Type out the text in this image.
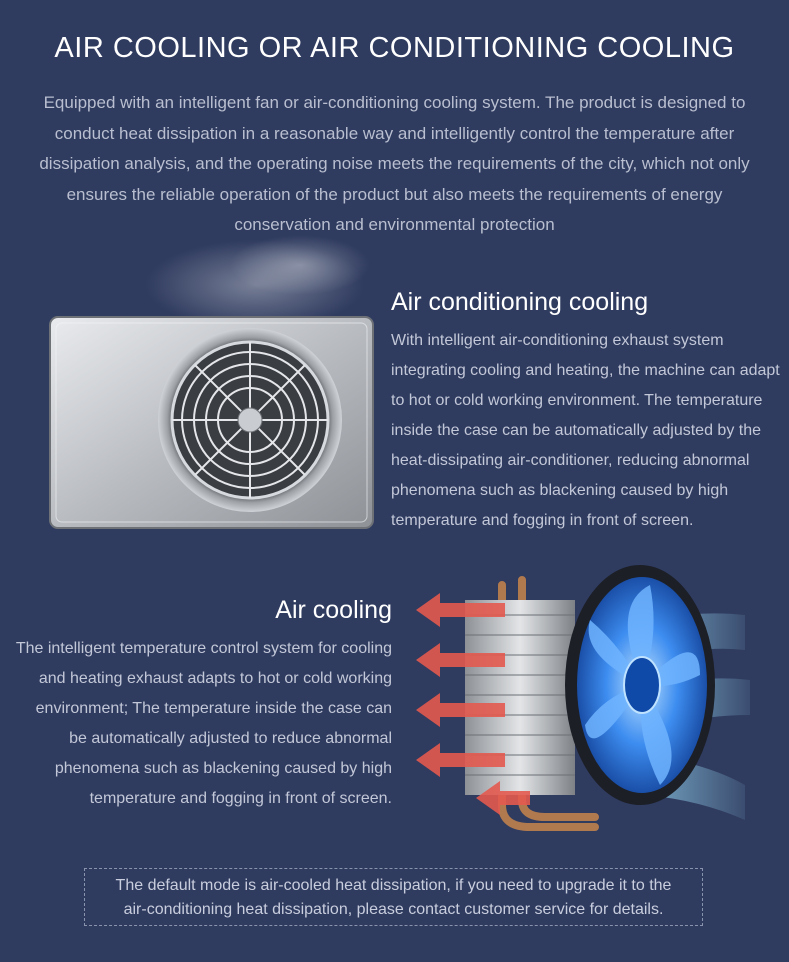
AIR COOLING OR AIR CONDITIONING COOLING
Equipped with an intelligent fan or air-conditioning cooling system. The product is designed to conduct heat dissipation in a reasonable way and intelligently control the temperature after dissipation analysis, and the operating noise meets the requirements of the city, which not only ensures the reliable operation of the product but also meets the requirements of energy conservation and environmental protection
Air conditioning cooling
With intelligent air-conditioning exhaust system integrating cooling and heating, the machine can adapt to hot or cold working environment. The temperature inside the case can be automatically adjusted by the heat-dissipating air-conditioner, reducing abnormal phenomena such as blackening caused by high temperature and fogging in front of screen.
Air cooling
The intelligent temperature control system for cooling and heating exhaust adapts to hot or cold working environment; The temperature inside the case can be automatically adjusted to reduce abnormal phenomena such as blackening caused by high temperature and fogging in front of screen.
The default mode is air-cooled heat dissipation, if you need to upgrade it to the
air-conditioning heat dissipation, please contact customer service for details.
